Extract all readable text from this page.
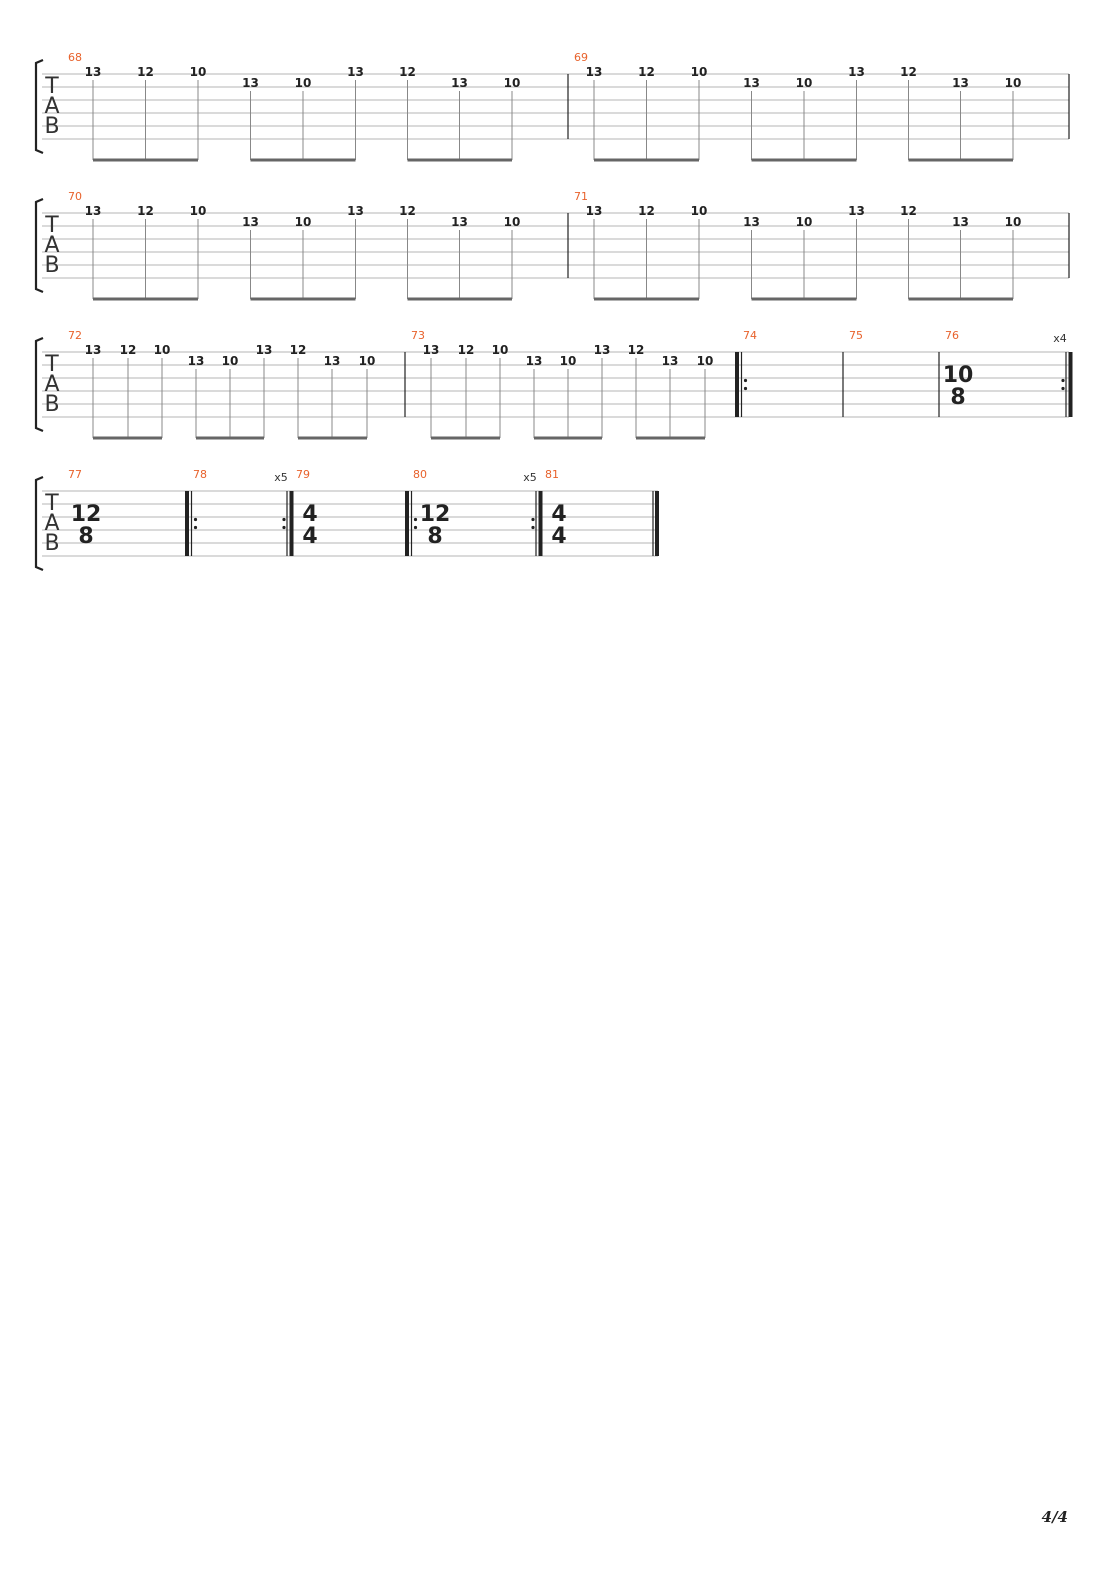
T
A
B
68
13	12	10
13	10
13	12
13	10
69
13	12	10
13	10
13	12
13	10
T
A
B
70
13	12	10
13	10
13	12
13	10
71
13	12	10
13	10
13	12
13	10
T
A
B
72
13 12 10
13 10
13 12
13 10
73
13 12 10
13 10
13 12
13 10
74	75	76
10
8
x4
T
A
B
77
12
8
78	x5 79
4
4
80
12
8
x5 81
4
4
4/4
